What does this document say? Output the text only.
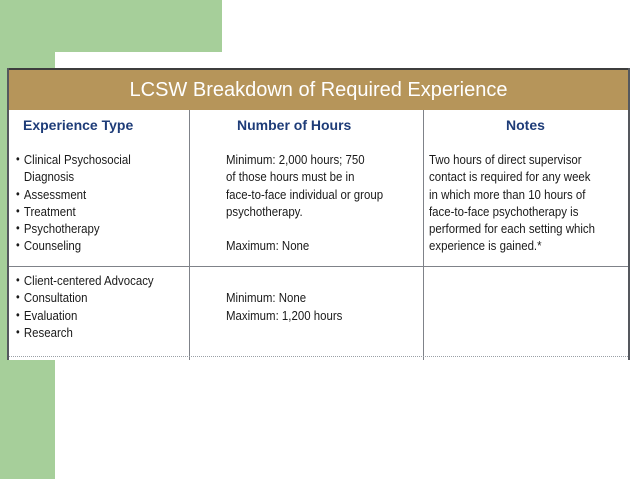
LCSW Breakdown of Required Experience
Experience Type	Number of Hours	Notes
• Clinical Psychosocial
Diagnosis
• Assessment
• Treatment
• Psychotherapy
• Counseling
Minimum: 2,000 hours; 750
of those hours must be in
face-to-face individual or group
psychotherapy.
Maximum: None
Two hours of direct supervisor
contact is required for any week
in which more than 10 hours of
face-to-face psychotherapy is
performed for each setting which
experience is gained.*
• Client-centered Advocacy
• Consultation
• Evaluation
• Research
Minimum: None
Maximum: 1,200 hours
